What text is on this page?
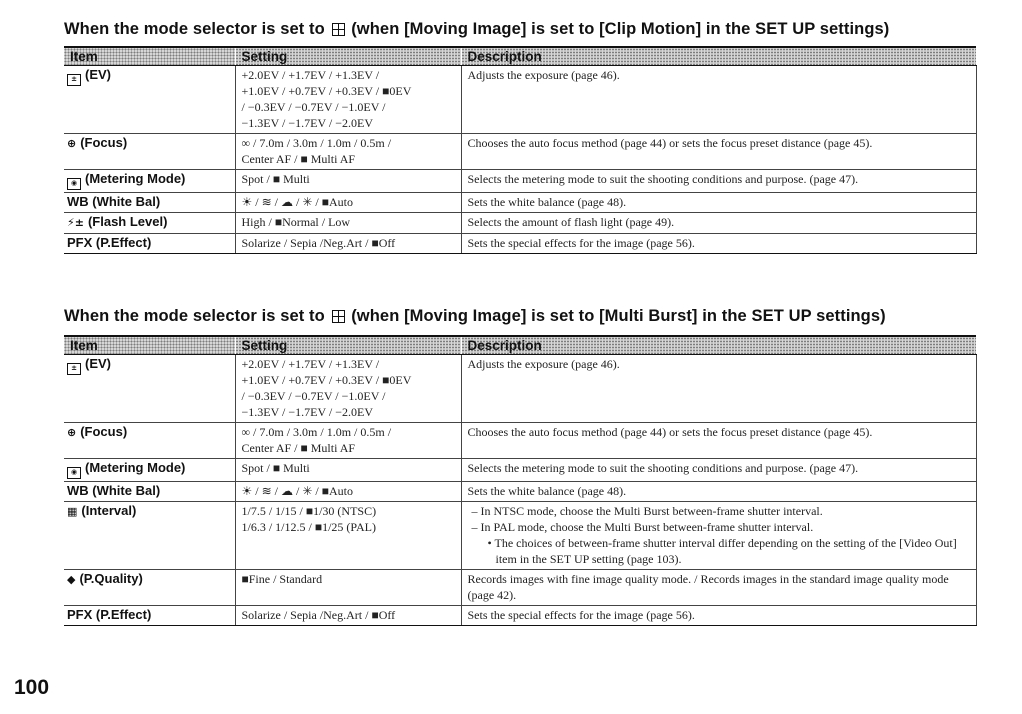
When the mode selector is set to  (when [Moving Image] is set to [Clip Motion] in the SET UP settings)
Item	Setting	Description
± (EV)	+2.0EV / +1.7EV / +1.3EV /
+1.0EV / +0.7EV / +0.3EV / ■0EV
/ −0.3EV / −0.7EV / −1.0EV /
−1.3EV / −1.7EV / −2.0EV	Adjusts the exposure (page 46).

⊕ (Focus)	∞ / 7.0m / 3.0m / 1.0m / 0.5m /
Center AF / ■ Multi AF	Chooses the auto focus method (page 44) or sets the focus preset distance (page 45).

◉ (Metering Mode)	Spot / ■ Multi	Selects the metering mode to suit the shooting conditions and purpose. (page 47).

WB (White Bal)	☀ / ≋ / ☁ / ✳ / ■Auto	Sets the white balance (page 48).

⚡± (Flash Level)	High / ■Normal / Low	Selects the amount of flash light (page 49).

PFX (P.Effect)	Solarize / Sepia /Neg.Art / ■Off	Sets the special effects for the image (page 56).
When the mode selector is set to  (when [Moving Image] is set to [Multi Burst] in the SET UP settings)
Item	Setting	Description
± (EV)	+2.0EV / +1.7EV / +1.3EV /
+1.0EV / +0.7EV / +0.3EV / ■0EV
/ −0.3EV / −0.7EV / −1.0EV /
−1.3EV / −1.7EV / −2.0EV	Adjusts the exposure (page 46).

⊕ (Focus)	∞ / 7.0m / 3.0m / 1.0m / 0.5m /
Center AF / ■ Multi AF	Chooses the auto focus method (page 44) or sets the focus preset distance (page 45).

◉ (Metering Mode)	Spot / ■ Multi	Selects the metering mode to suit the shooting conditions and purpose. (page 47).

WB (White Bal)	☀ / ≋ / ☁ / ✳ / ■Auto	Sets the white balance (page 48).

▦ (Interval)	1/7.5 / 1/15 / ■1/30 (NTSC)
1/6.3 / 1/12.5 / ■1/25 (PAL)	– In NTSC mode, choose the Multi Burst between-frame shutter interval.
– In PAL mode, choose the Multi Burst between-frame shutter interval.
• The choices of between-frame shutter interval differ depending on the setting of the [Video Out] item in the SET UP setting (page 103).

◆ (P.Quality)	■Fine / Standard	Records images with fine image quality mode. / Records images in the standard image quality mode (page 42).

PFX (P.Effect)	Solarize / Sepia /Neg.Art / ■Off	Sets the special effects for the image (page 56).
100
